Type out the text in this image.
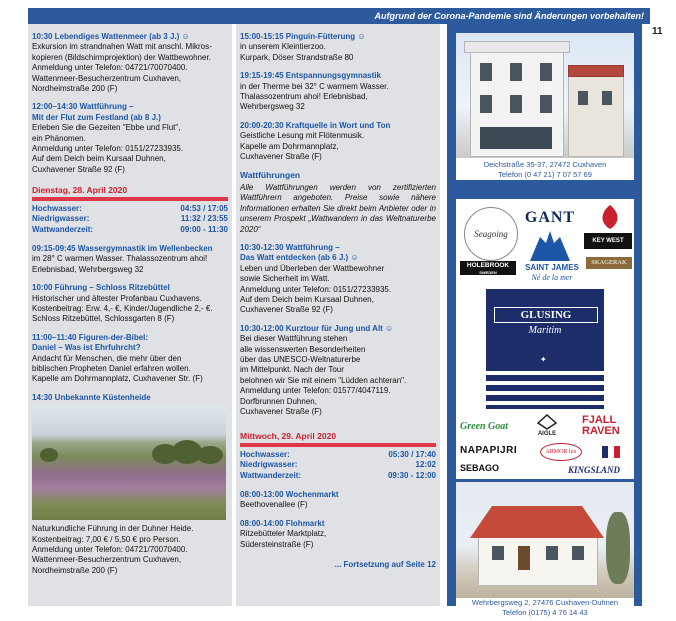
Aufgrund der Corona-Pandemie sind Änderungen vorbehalten!
11
10:30 Lebendiges Wattenmeer (ab 3 J.) ☺
Exkursion im strandnahen Watt mit anschl. Mikros-
kopieren (Bildschirmprojektion) der Wattbewohner.
Anmeldung unter Telefon: 04721/70070400.
Wattenmeer-Besucherzentrum Cuxhaven,
Nordheimstraße 200 (F)
12:00–14:30 Wattführung –
Mit der Flut zum Festland (ab 8 J.)
Erleben Sie die Gezeiten "Ebbe und Flut",
ein Phänomen.
Anmeldung unter Telefon: 0151/27233935.
Auf dem Deich beim Kursaal Duhnen,
Cuxhavener Straße 92 (F)
Dienstag, 28. April 2020
Hochwasser:	04:53 / 17:05
Niedrigwasser:	11:32 / 23:55
Wattwanderzeit:	09:00 - 11:30
09:15-09:45 Wassergymnastik im Wellenbecken
im 28° C warmen Wasser. Thalassozentrum ahoi!
Erlebnisbad, Wehrbergsweg 32
10:00 Führung – Schloss Ritzebüttel
Historischer und ältester Profanbau Cuxhavens.
Kostenbeitrag: Erw. 4,- €, Kinder/Jugendliche 2,- €.
Schloss Ritzebüttel, Schlossgarten 8 (F)
11:00–11:40 Figuren-der-Bibel:
Daniel – Was ist Ehrfuhrcht?
Andacht für Menschen, die mehr über den
biblischen Propheten Daniel erfahren wollen.
Kapelle am Dohrmannplatz, Cuxhavener Str. (F)
14:30 Unbekannte Küstenheide
Naturkundliche Führung in der Duhner Heide.
Kostenbeitrag: 7,00 € / 5,50 € pro Person.
Anmeldung unter Telefon: 04721/70070400.
Wattenmeer-Besucherzentrum Cuxhaven,
Nordheimstraße 200 (F)
15:00-15:15 Pinguin-Fütterung ☺
in unserem Kleintierzoo.
Kurpark, Döser Strandstraße 80
19:15-19:45 Entspannungsgymnastik
in der Therme bei 32° C warmem Wasser.
Thalassozentrum ahoi! Erlebnisbad,
Wehrbergsweg 32
20:00-20:30 Kraftquelle in Wort und Ton
Geistliche Lesung mit Flötenmusik.
Kapelle am Dohrmannplatz,
Cuxhavener Straße (F)
Wattführungen
Alle Wattführungen werden von zertifizierten Wattführern angeboten. Preise sowie nähere Informationen erhalten Sie direkt beim Anbieter oder in unserem Prospekt „Wattwandern in das Weltnaturerbe 2020“
10:30-12:30 Wattführung –
Das Watt entdecken (ab 6 J.) ☺
Leben und Überleben der Wattbewohner
sowie Sicherheit im Watt.
Anmeldung unter Telefon: 0151/27233935.
Auf dem Deich beim Kursaal Duhnen,
Cuxhavener Straße 92 (F)
10:30-12:00 Kurztour für Jung und Alt ☺
Bei dieser Wattführung stehen
alle wissenswerten Besonderheiten
über das UNESCO-Weltnaturerbe
im Mittelpunkt. Nach der Tour
belohnen wir Sie mit einem "Lüdden achteran".
Anmeldung unter Telefon: 01577/4047119.
Dorfbrunnen Duhnen,
Cuxhavener Straße (F)
Mittwoch, 29. April 2020
Hochwasser:	05:30 / 17:40
Niedrigwasser:	12:02
Wattwanderzeit:	09:30 - 12:00
08:00-13:00 Wochenmarkt
Beethovenallee (F)
08:00-14:00 Flohmarkt
Ritzebütteler Marktplatz,
Südersteinstraße (F)
... Fortsetzung auf Seite 12
Deichstraße 35-37, 27472 Cuxhaven
Telefon (0 47 21) 7 07 57 69
Seagoing
GANT
KEY WEST
HOLEBROOK
SWEDEN
SAINT JAMES
Né de la mer
SKAGERAK
GLUSING
Maritim
✦
Green Goat
AIGLE
FJALL
RAVEN
NAPAPIJRI	ARMOR lux
SEBAGO	KINGSLAND
Wehrbergsweg 2, 27476 Cuxhaven-Duhnen
Telefon (0175) 4 76 14 43
